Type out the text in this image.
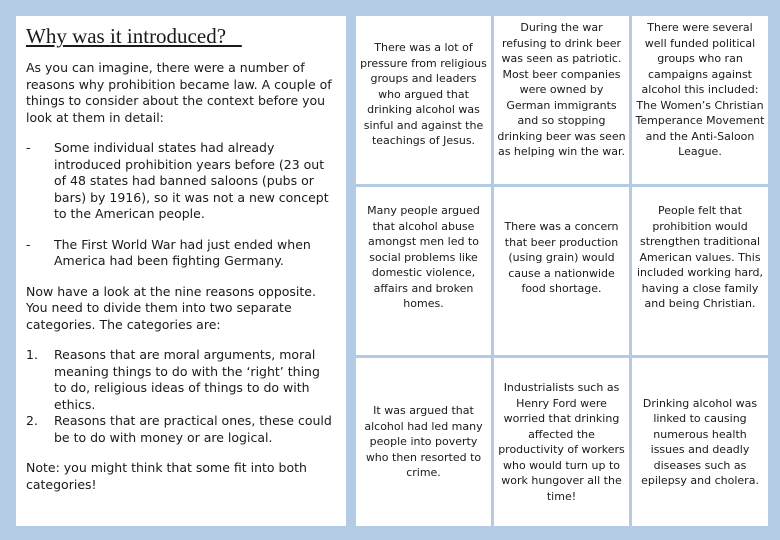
Why was it introduced?

As you can imagine, there were a number of reasons why prohibition became law. A couple of things to consider about the context before you look at them in detail:

- Some individual states had already introduced prohibition years before (23 out of 48 states had banned saloons (pubs or bars) by 1916), so it was not a new concept to the American people.
- The First World War had just ended when America had been fighting Germany.

Now have a look at the nine reasons opposite. You need to divide them into two separate categories. The categories are:

1. Reasons that are moral arguments, moral meaning things to do with the ‘right’ thing to do, religious ideas of things to do with ethics.
2. Reasons that are practical ones, these could be to do with money or are logical.

Note: you might think that some fit into both categories!

There was a lot of pressure from religious groups and leaders who argued that drinking alcohol was sinful and against the teachings of Jesus.
During the war refusing to drink beer was seen as patriotic. Most beer companies were owned by German immigrants and so stopping drinking beer was seen as helping win the war.
There were several well funded political groups who ran campaigns against alcohol this included: The Women’s Christian Temperance Movement and the Anti-Saloon League.
Many people argued that alcohol abuse amongst men led to social problems like domestic violence, affairs and broken homes.
There was a concern that beer production (using grain) would cause a nationwide food shortage.
People felt that prohibition would strengthen traditional American values. This included working hard, having a close family and being Christian.
It was argued that alcohol had led many people into poverty who then resorted to crime.
Industrialists such as Henry Ford were worried that drinking affected the productivity of workers who would turn up to work hungover all the time!
Drinking alcohol was linked to causing numerous health issues and deadly diseases such as epilepsy and cholera.
